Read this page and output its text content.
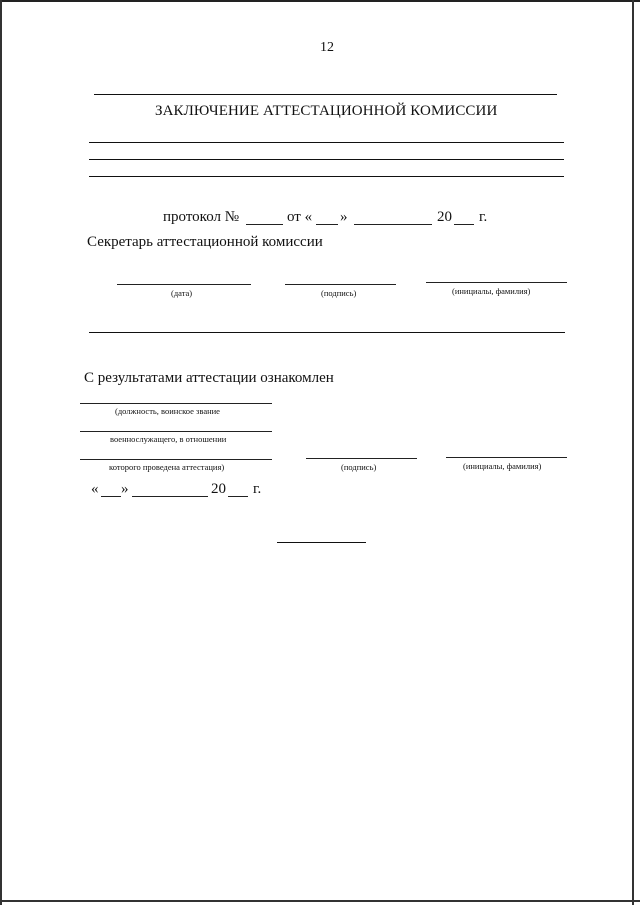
12
ЗАКЛЮЧЕНИЕ АТТЕСТАЦИОННОЙ КОМИССИИ
протокол №	от « »	20 г.
Секретарь аттестационной комиссии
(дата)	(подпись)	(инициалы, фамилия)
С результатами аттестации ознакомлен
(должность, воинское звание
военнослужащего, в отношении
которого проведена аттестация)	(подпись)	(инициалы, фамилия)
« »	20 г.
